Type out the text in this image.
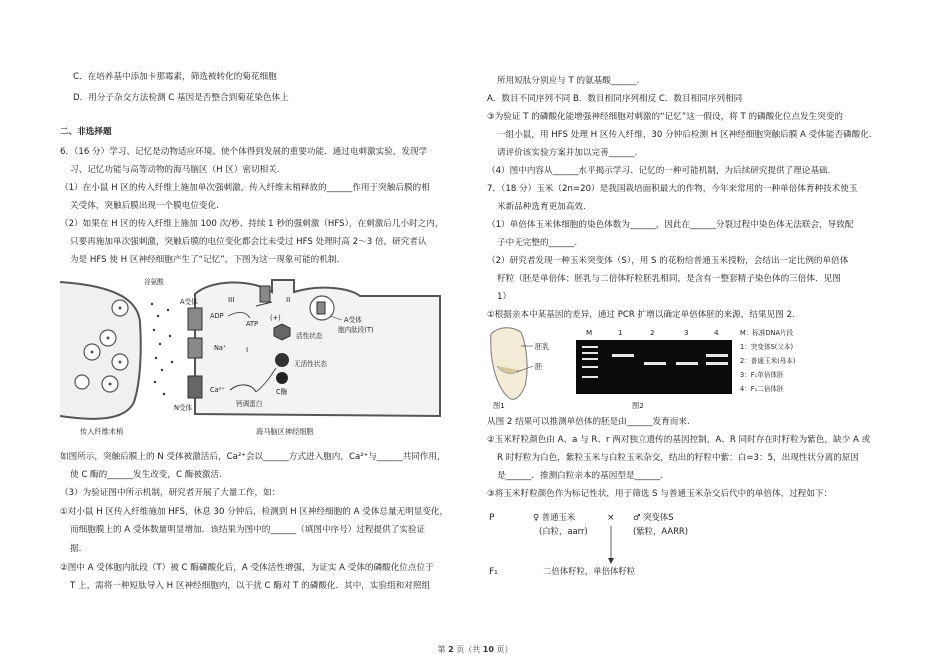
C．在培养基中添加卡那霉素，筛选被转化的菊花细胞
D．用分子杂交方法检测 C 基因是否整合到菊花染色体上
二、非选择题
6．（16 分）学习、记忆是动物适应环境、使个体得到发展的重要功能．通过电刺激实验，发现学
习、记忆功能与高等动物的海马脑区（H 区）密切相关.
（1）在小鼠 H 区的传入纤维上施加单次强刺激，传入纤维末梢释放的______作用于突触后膜的相
关受体，突触后膜出现一个膜电位变化.
（2）如果在 H 区的传入纤维上施加 100 次/秒、持续 1 秒的强刺激（HFS），在刺激后几小时之内，
只要再施加单次强刺激，突触后膜的电位变化都会比未受过 HFS 处理时高 2～3 倍，研究者认
为是 HFS 使 H 区神经细胞产生了“记忆”，下图为这一现象可能的机制.
谷氨酸
A受体
Na⁺
N受体
Ca²⁺
ADP
ATP
III	II
I
(+)	A受体
胞内肽段(T)
活性状态
无活性状态
C酶
钙调蛋白
传入纤维末梢	海马脑区神经细胞
如图所示，突触后膜上的 N 受体被激活后，Ca²⁺会以______方式进入胞内，Ca²⁺与______共同作用，
使 C 酶的______发生改变，C 酶被激活.
（3）为验证图中所示机制，研究者开展了大量工作，如：
①对小鼠 H 区传入纤维施加 HFS，休息 30 分钟后，检测到 H 区神经细胞的 A 受体总量无明显变化，
而细胞膜上的 A 受体数量明显增加．该结果为图中的______（填图中序号）过程提供了实验证
据.
②图中 A 受体胞内肽段（T）被 C 酶磷酸化后，A 受体活性增强，为证实 A 受体的磷酸化位点位于
T 上，需将一种短肽导入 H 区神经细胞内，以干扰 C 酶对 T 的磷酸化．其中，实验组和对照组
所用短肽分别应与 T 的氨基酸______.
A．数目不同序列不同 B．数目相同序列相反 C．数目相同序列相同
③为验证 T 的磷酸化能增强神经细胞对刺激的“记忆”这一假设，将 T 的磷酸化位点发生突变的
一组小鼠，用 HFS 处理 H 区传入纤维，30 分钟后检测 H 区神经细胞突触后膜 A 受体能否磷酸化.
请评价该实验方案并加以完善______.
（4）图中内容从______水平揭示学习、记忆的一种可能机制，为后续研究提供了理论基础.
7．（18 分）玉米（2n=20）是我国栽培面积最大的作物，今年来常用的一种单倍体育种技术使玉
米新品种选育更加高效.
（1）单倍体玉米体细胞的染色体数为______，因此在______分裂过程中染色体无法联会，导致配
子中无完整的______.
（2）研究者发现一种玉米突变体（S），用 S 的花粉给普通玉米授粉，会结出一定比例的单倍体
籽粒（胚是单倍体；胚乳与二倍体籽粒胚乳相同，是含有一整套精子染色体的三倍体．见图
1）
①根据亲本中某基因的差异，通过 PCR 扩增以确定单倍体胚的来源，结果见图 2.
胚乳
胚
图1
M	1	2	3	4	M：标准DNA片段
1：突变体S(父本)
2：普通玉米(母本)
3：F₁单倍体胚
4：F₁二倍体胚
图2
从图 2 结果可以推测单倍体的胚是由______发育而来.
②玉米籽粒颜色由 A、a 与 R、r 两对独立遗传的基因控制，A、R 同时存在时籽粒为紫色，缺少 A 或
R 时籽粒为白色，紫粒玉米与白粒玉米杂交，结出的籽粒中紫：白=3：5，出现性状分离的原因
是______．推测白粒亲本的基因型是______.
③将玉米籽粒颜色作为标记性状，用于筛选 S 与普通玉米杂交后代中的单倍体，过程如下：
P	♀ 普通玉米
(白粒，aarr)
× ♂ 突变体S
(紫粒，AARR)
F₁	二倍体籽粒，单倍体籽粒
第 2 页（共 10 页）
